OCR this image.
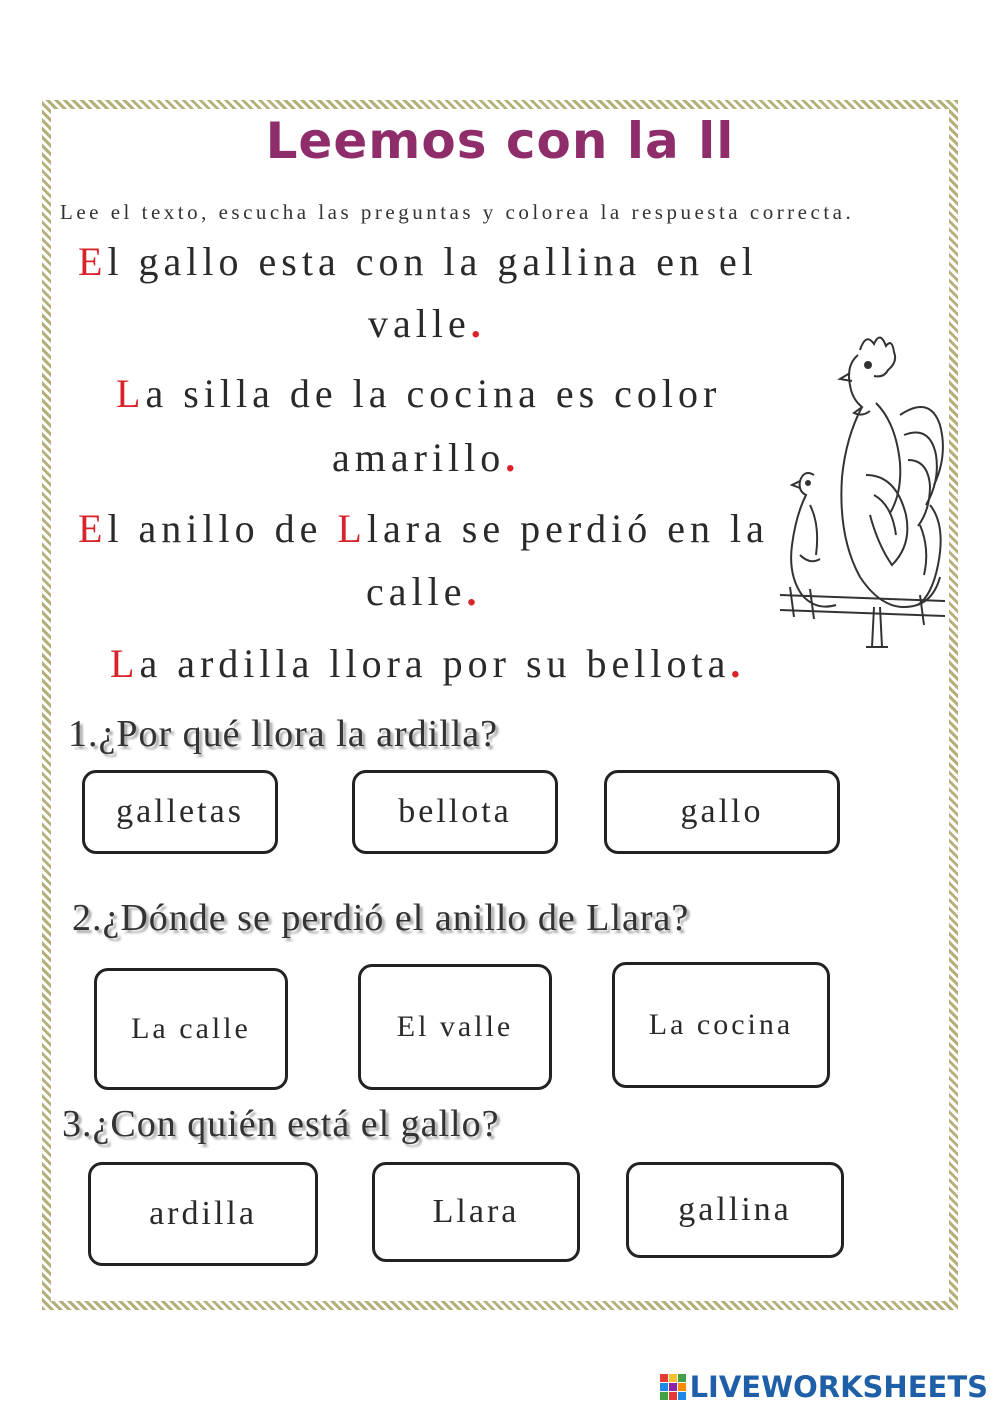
Leemos con la ll
Lee el texto, escucha las preguntas y colorea la respuesta correcta.
El gallo esta con la gallina en el
valle.
La silla de la cocina es color
amarillo.
El anillo de Llara se perdió en la
calle.
La ardilla llora por su bellota.
1.¿Por qué llora la ardilla?
galletas	bellota	gallo
2.¿Dónde se perdió el anillo de Llara?
La calle	El valle	La cocina
3.¿Con quién está el gallo?
ardilla	Llara	gallina
LIVEWORKSHEETS
